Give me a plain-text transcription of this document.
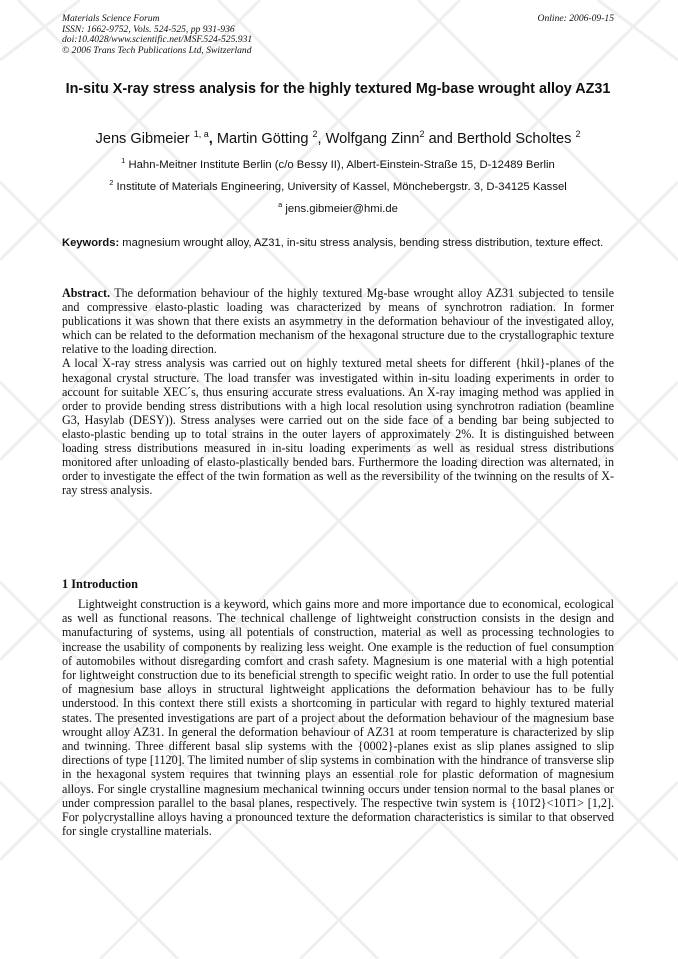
Materials Science Forum
ISSN: 1662-9752, Vols. 524-525, pp 931-936
doi:10.4028/www.scientific.net/MSF.524-525.931
© 2006 Trans Tech Publications Ltd, Switzerland
Online: 2006-09-15
In-situ X-ray stress analysis for the highly textured Mg-base wrought alloy AZ31
Jens Gibmeier $^{1, a}$, Martin Götting $^2$, Wolfgang Zinn$^2$ and Berthold Scholtes $^2$
$^1$ Hahn-Meitner Institute Berlin (c/o Bessy II), Albert-Einstein-Straße 15, D-12489 Berlin
$^2$ Institute of Materials Engineering, University of Kassel, Mönchebergstr. 3, D-34125 Kassel
$^a$ jens.gibmeier@hmi.de
Keywords: magnesium wrought alloy, AZ31, in-situ stress analysis, bending stress distribution, texture effect.

Abstract. The deformation behaviour of the highly textured Mg-base wrought alloy AZ31 subjected to tensile and compressive elasto-plastic loading was characterized by means of synchrotron radiation. In former publications it was shown that there exists an asymmetry in the deformation behaviour of the investigated alloy, which can be related to the deformation mechanism of the hexagonal structure due to the crystallographic texture relative to the loading direction.

A local X-ray stress analysis was carried out on highly textured metal sheets for different {hkil}-planes of the hexagonal crystal structure. The load transfer was investigated within in-situ loading experiments in order to account for suitable XEC´s, thus ensuring accurate stress evaluations. An X-ray imaging method was applied in order to provide bending stress distributions with a high local resolution using synchrotron radiation (beamline G3, Hasylab (DESY)). Stress analyses were carried out on the side face of a bending bar being subjected to elasto-plastic bending up to total strains in the outer layers of approximately 2%. It is distinguished between loading stress distributions measured in in-situ loading experiments as well as residual stress distributions monitored after unloading of elasto-plastically bended bars. Furthermore the loading direction was alternated, in order to investigate the effect of the twin formation as well as the reversibility of the twinning on the results of X-ray stress analysis.

1 Introduction

Lightweight construction is a keyword, which gains more and more importance due to economical, ecological as well as functional reasons. The technical challenge of lightweight construction consists in the design and manufacturing of systems, using all potentials of construction, material as well as processing technologies to increase the usability of components by realizing less weight. One example is the reduction of fuel consumption of automobiles without disregarding comfort and crash safety. Magnesium is one material with a high potential for lightweight construction due to its beneficial strength to specific weight ratio. In order to use the full potential of magnesium base alloys in structural lightweight applications the deformation behaviour has to be fully understood. In this context there still exists a shortcoming in particular with regard to highly textured material states. The presented investigations are part of a project about the deformation behaviour of the magnesium base wrought alloy AZ31. In general the deformation behaviour of AZ31 at room temperature is characterized by slip and twinning. Three different basal slip systems with the {0002}-planes exist as slip planes assigned to slip directions of type [112̄0]. The limited number of slip systems in combination with the hindrance of transverse slip in the hexagonal system requires that twinning plays an essential role for plastic deformation of magnesium alloys. For single crystalline magnesium mechanical twinning occurs under tension normal to the basal planes or under compression parallel to the basal planes, respectively. The respective twin system is {101̄2}<101̄1> [1,2]. For polycrystalline alloys having a pronounced texture the deformation characteristics is similar to that observed for single crystalline materials.
